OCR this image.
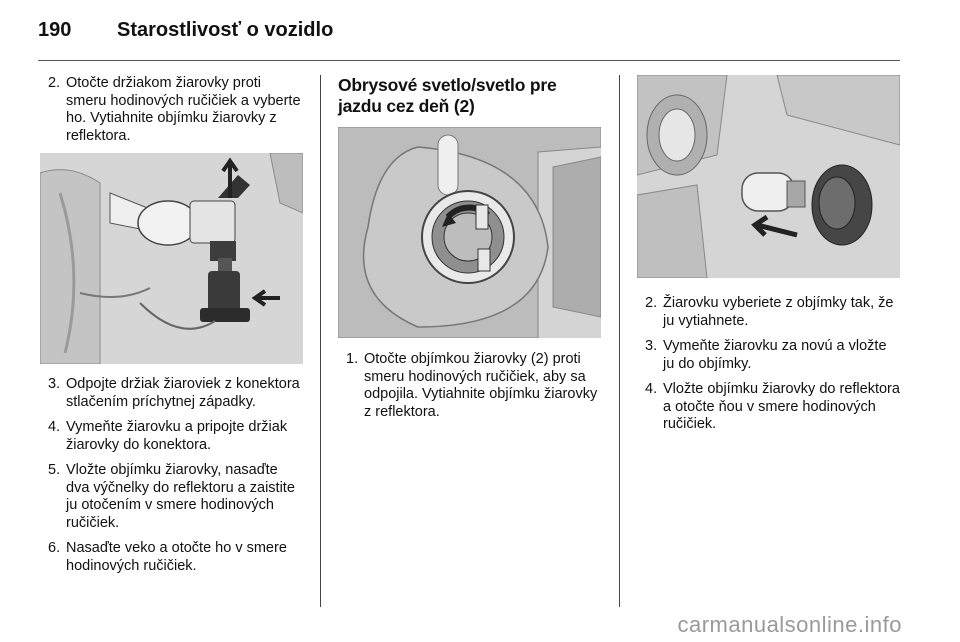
190 Starostlivosť o vozidlo
2. Otočte držiakom žiarovky proti smeru hodinových ručičiek a vyberte ho. Vytiahnite objímku žiarovky z reflektora.
3. Odpojte držiak žiaroviek z konektora stlačením príchytnej západky.
4. Vymeňte žiarovku a pripojte držiak žiarovky do konektora.
5. Vložte objímku žiarovky, nasaďte dva výčnelky do reflektoru a zaistite ju otočením v smere hodinových ručičiek.
6. Nasaďte veko a otočte ho v smere hodinových ručičiek.
Obrysové svetlo/svetlo pre jazdu cez deň (2)
1. Otočte objímkou žiarovky (2) proti smeru hodinových ručičiek, aby sa odpojila. Vytiahnite objímku žiarovky z reflektora.
2. Žiarovku vyberiete z objímky tak, že ju vytiahnete.
3. Vymeňte žiarovku za novú a vložte ju do objímky.
4. Vložte objímku žiarovky do reflektora a otočte ňou v smere hodinových ručičiek.
carmanualsonline.info
